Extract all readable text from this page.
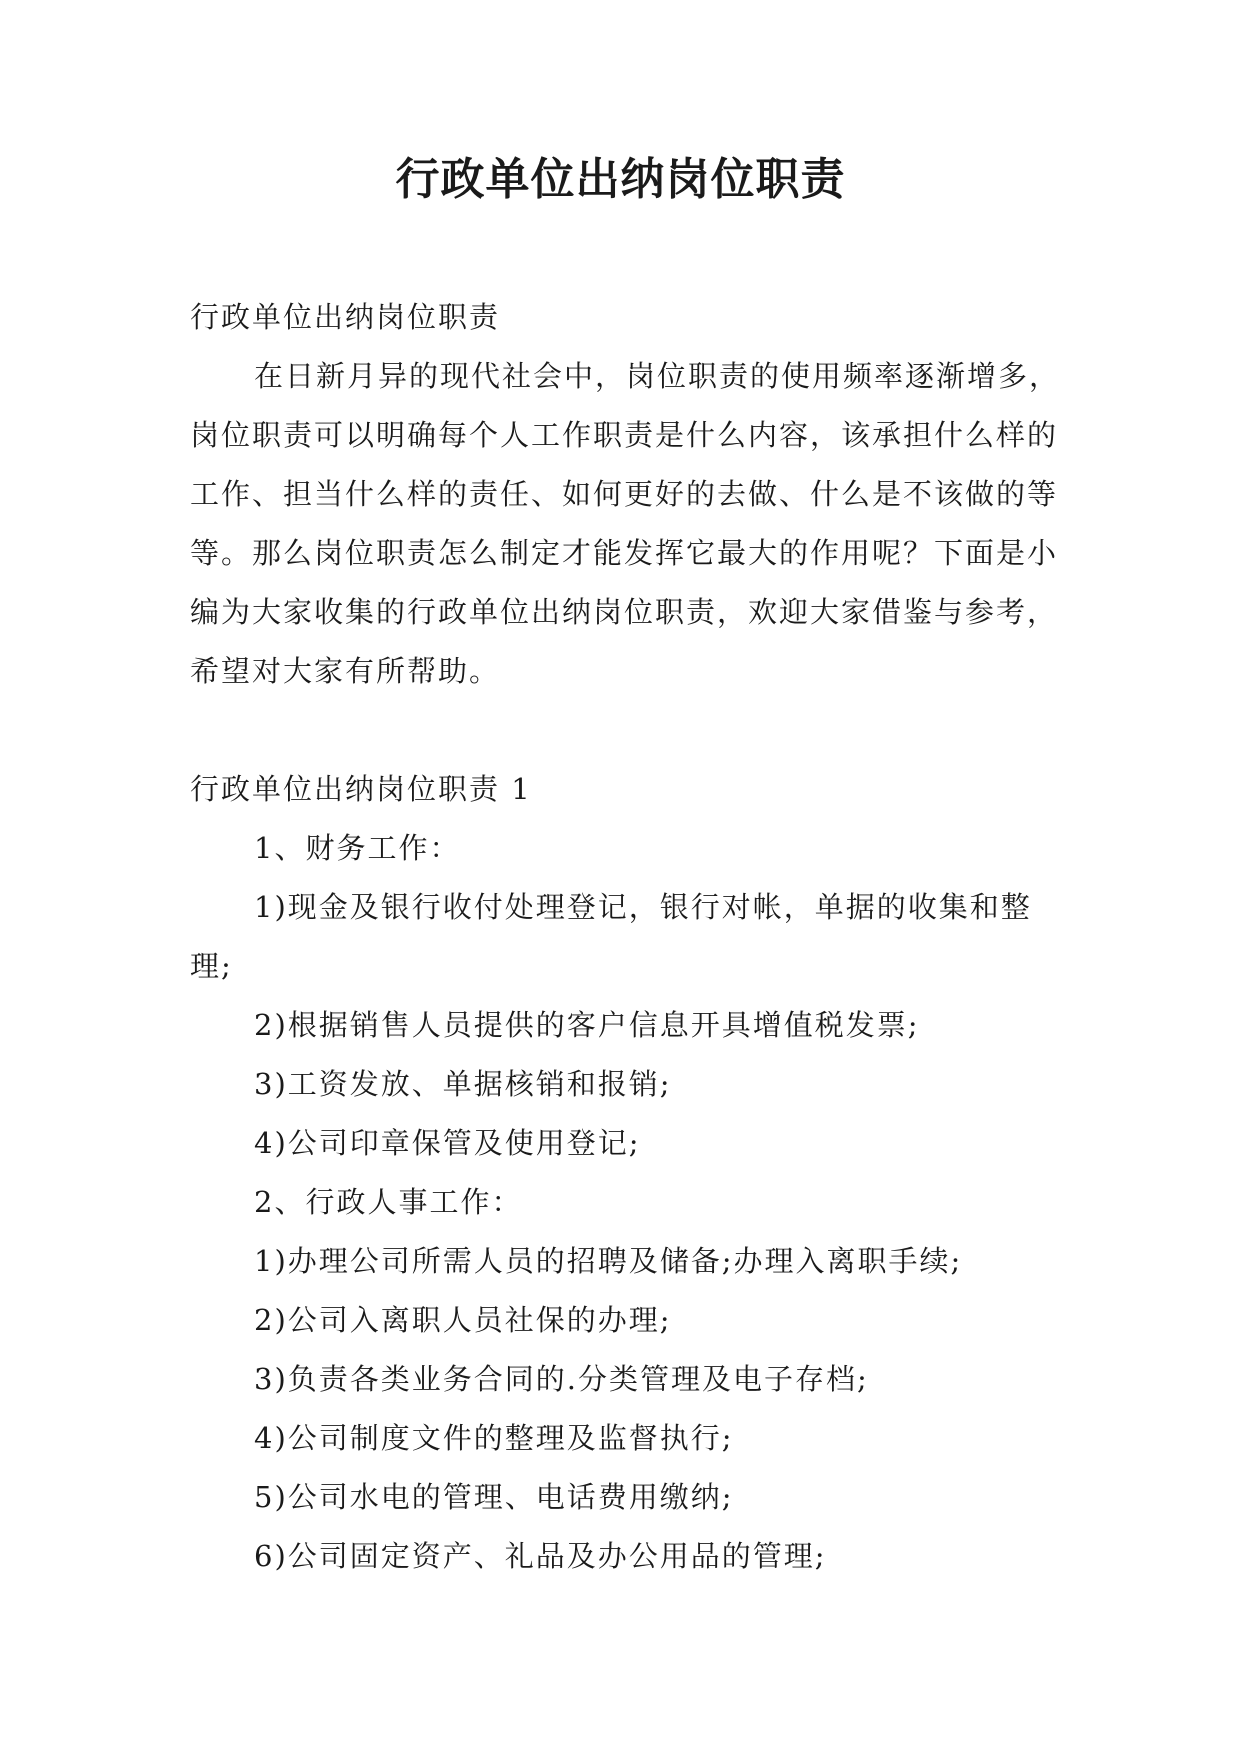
行政单位出纳岗位职责

行政单位出纳岗位职责

在日新月异的现代社会中，岗位职责的使用频率逐渐增多，岗位职责可以明确每个人工作职责是什么内容，该承担什么样的工作、担当什么样的责任、如何更好的去做、什么是不该做的等等。那么岗位职责怎么制定才能发挥它最大的作用呢？下面是小编为大家收集的行政单位出纳岗位职责，欢迎大家借鉴与参考，希望对大家有所帮助。

行政单位出纳岗位职责 1

1、财务工作：

1)现金及银行收付处理登记，银行对帐，单据的收集和整理;

2)根据销售人员提供的客户信息开具增值税发票;

3)工资发放、单据核销和报销;

4)公司印章保管及使用登记;

2、行政人事工作：

1)办理公司所需人员的招聘及储备;办理入离职手续;

2)公司入离职人员社保的办理;

3)负责各类业务合同的.分类管理及电子存档;

4)公司制度文件的整理及监督执行;

5)公司水电的管理、电话费用缴纳;

6)公司固定资产、礼品及办公用品的管理;
